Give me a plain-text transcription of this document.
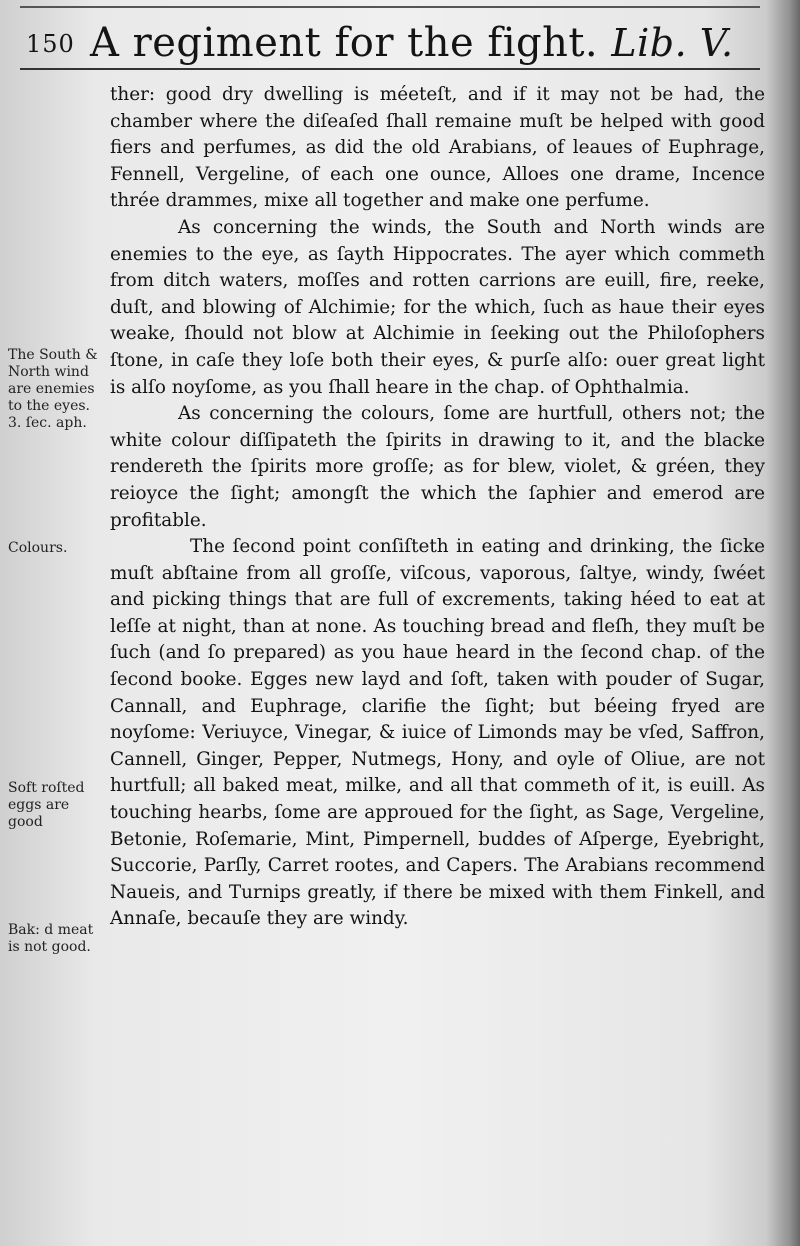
150 A regiment for the fight. Lib. V.
The South & North wind are enemies to the eyes. 3. ſec. aph.
Colours.
Soft roſted eggs are good
Bak: d meat is not good.

ther: good dry dwelling is méeteſt, and if it may not be had, the chamber where the diſeaſed ſhall remaine muſt be helped with good fiers and perfumes, as did the old Arabians, of leaues of Euphrage, Fennell, Vergeline, of each one ounce, Alloes one drame, Incence thrée drammes, mixe all together and make one perfume.

As concerning the winds, the South and North winds are enemies to the eye, as ſayth Hippocrates. The ayer which commeth from ditch waters, moſſes and rotten carrions are euill, fire, reeke, duſt, and blowing of Alchimie; for the which, ſuch as haue their eyes weake, ſhould not blow at Alchimie in ſeeking out the Philoſophers ſtone, in caſe they loſe both their eyes, & purſe alſo: ouer great light is alſo noyſome, as you ſhall heare in the chap. of Ophthalmia.

As concerning the colours, ſome are hurtfull, others not; the white colour diſſipateth the ſpirits in drawing to it, and the blacke rendereth the ſpirits more groſſe; as for blew, violet, & gréen, they reioyce the ſight; amongſt the which the ſaphier and emerod are profitable.

The ſecond point conſiſteth in eating and drinking, the ſicke muſt abſtaine from all groſſe, viſcous, vaporous, ſaltye, windy, ſwéet and picking things that are full of excrements, taking héed to eat at leſſe at night, than at none. As touching bread and fleſh, they muſt be ſuch (and ſo prepared) as you haue heard in the ſecond chap. of the ſecond booke. Egges new layd and ſoft, taken with pouder of Sugar, Cannall, and Euphrage, clarifie the ſight; but béeing fryed are noyſome: Veriuyce, Vinegar, & iuice of Limonds may be vſed, Saffron, Cannell, Ginger, Pepper, Nutmegs, Hony, and oyle of Oliue, are not hurtfull; all baked meat, milke, and all that commeth of it, is euill. As touching hearbs, ſome are approued for the ſight, as Sage, Vergeline, Betonie, Roſemarie, Mint, Pimpernell, buddes of Aſperge, Eyebright, Succorie, Parſly, Carret rootes, and Capers. The Arabians recommend Naueis, and Turnips greatly, if there be mixed with them Finkell, and Annaſe, becauſe they are windy.
